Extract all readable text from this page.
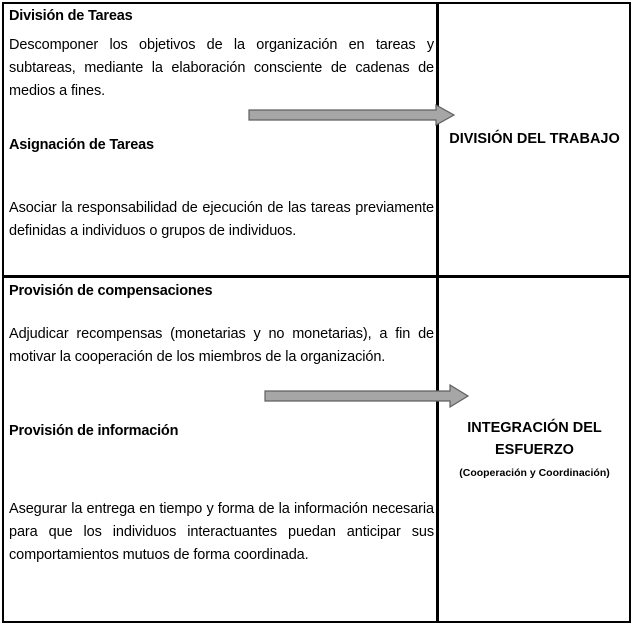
División de Tareas
Descomponer los objetivos de la organización en tareas y subtareas, mediante la elaboración consciente de cadenas de medios a fines.
Asignación de Tareas
Asociar la responsabilidad de ejecución de las tareas previamente definidas a individuos o grupos de individuos.
DIVISIÓN DEL TRABAJO
Provisión de compensaciones
Adjudicar recompensas (monetarias y no monetarias), a fin de motivar la cooperación de los miembros de la organización.
Provisión de información
Asegurar la entrega en tiempo y forma de la información necesaria para que los individuos interactuantes puedan anticipar sus comportamientos mutuos de forma coordinada.
INTEGRACIÓN DEL
ESFUERZO
(Cooperación y Coordinación)
